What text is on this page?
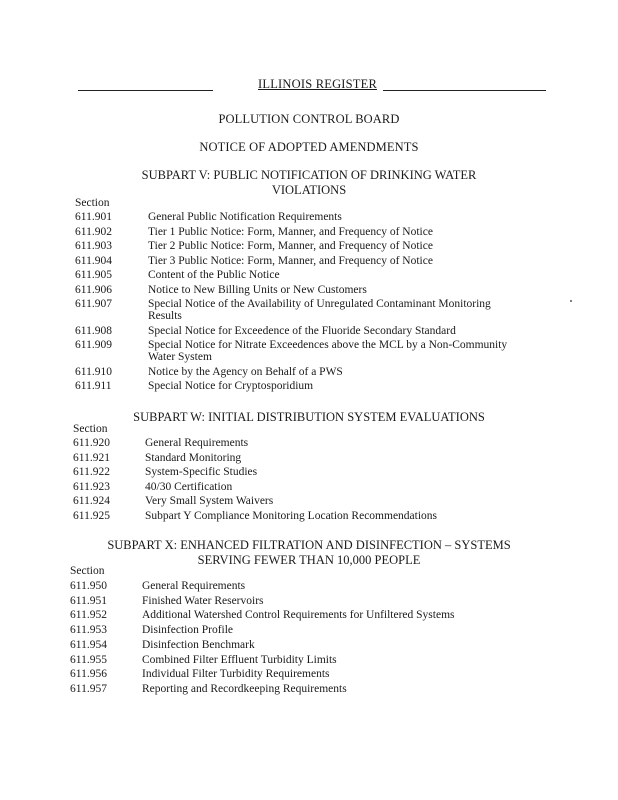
ILLINOIS REGISTER
POLLUTION CONTROL BOARD
NOTICE OF ADOPTED AMENDMENTS
SUBPART V: PUBLIC NOTIFICATION OF DRINKING WATER
VIOLATIONS
Section
611.901	General Public Notification Requirements
611.902	Tier 1 Public Notice: Form, Manner, and Frequency of Notice
611.903	Tier 2 Public Notice: Form, Manner, and Frequency of Notice
611.904	Tier 3 Public Notice: Form, Manner, and Frequency of Notice
611.905	Content of the Public Notice
611.906	Notice to New Billing Units or New Customers
611.907	Special Notice of the Availability of Unregulated Contaminant Monitoring
Results
611.908	Special Notice for Exceedence of the Fluoride Secondary Standard
611.909	Special Notice for Nitrate Exceedences above the MCL by a Non-Community
Water System
611.910	Notice by the Agency on Behalf of a PWS
611.911	Special Notice for Cryptosporidium
SUBPART W: INITIAL DISTRIBUTION SYSTEM EVALUATIONS
Section
611.920	General Requirements
611.921	Standard Monitoring
611.922	System-Specific Studies
611.923	40/30 Certification
611.924	Very Small System Waivers
611.925	Subpart Y Compliance Monitoring Location Recommendations
SUBPART X: ENHANCED FILTRATION AND DISINFECTION – SYSTEMS
SERVING FEWER THAN 10,000 PEOPLE
Section
611.950	General Requirements
611.951	Finished Water Reservoirs
611.952	Additional Watershed Control Requirements for Unfiltered Systems
611.953	Disinfection Profile
611.954	Disinfection Benchmark
611.955	Combined Filter Effluent Turbidity Limits
611.956	Individual Filter Turbidity Requirements
611.957	Reporting and Recordkeeping Requirements
